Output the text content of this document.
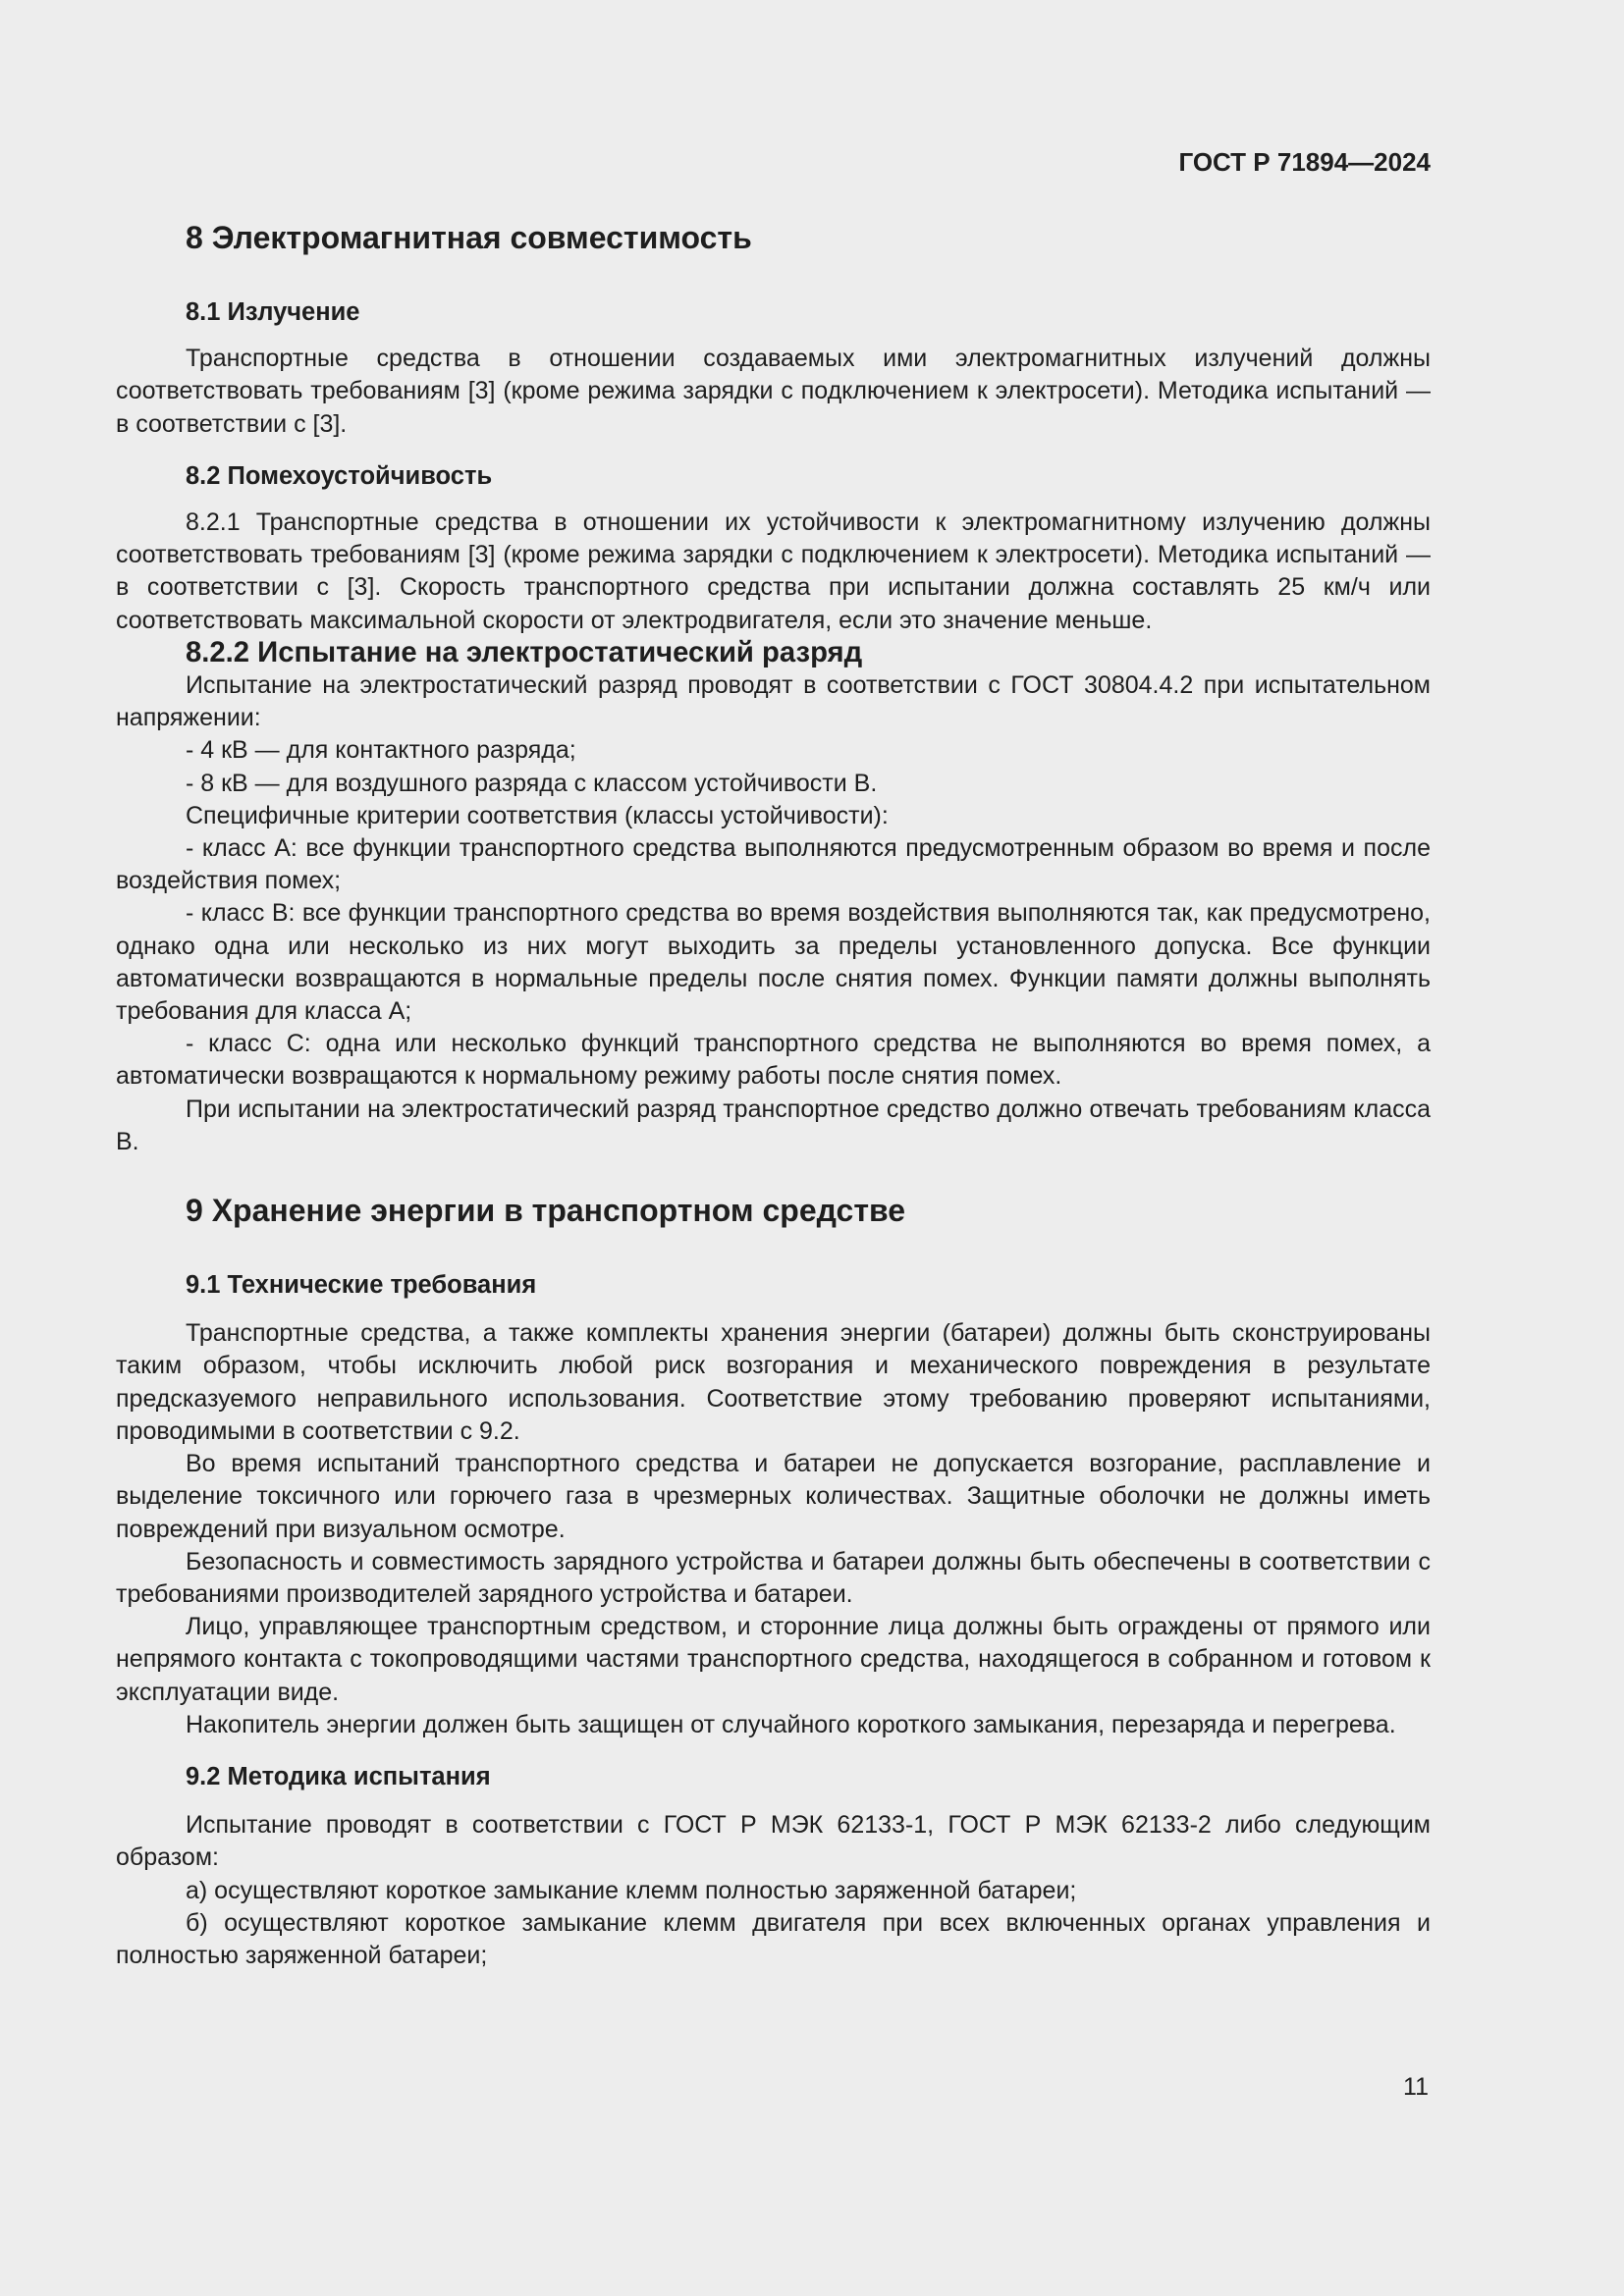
ГОСТ Р 71894—2024
8 Электромагнитная совместимость
8.1 Излучение

Транспортные средства в отношении создаваемых ими электромагнитных излучений должны соответствовать требованиям [3] (кроме режима зарядки с подключением к электросети). Методика испытаний — в соответствии с [3].

8.2 Помехоустойчивость

8.2.1 Транспортные средства в отношении их устойчивости к электромагнитному излучению должны соответствовать требованиям [3] (кроме режима зарядки с подключением к электросети). Методика испытаний — в соответствии с [3]. Скорость транспортного средства при испытании должна составлять 25 км/ч или соответствовать максимальной скорости от электродвигателя, если это значение меньше.

8.2.2 Испытание на электростатический разряд

Испытание на электростатический разряд проводят в соответствии с ГОСТ 30804.4.2 при испытательном напряжении:

- 4 кВ — для контактного разряда;

- 8 кВ — для воздушного разряда с классом устойчивости В.

Специфичные критерии соответствия (классы устойчивости):

- класс А: все функции транспортного средства выполняются предусмотренным образом во время и после воздействия помех;

- класс В: все функции транспортного средства во время воздействия выполняются так, как предусмотрено, однако одна или несколько из них могут выходить за пределы установленного допуска. Все функции автоматически возвращаются в нормальные пределы после снятия помех. Функции памяти должны выполнять требования для класса А;

- класс С: одна или несколько функций транспортного средства не выполняются во время помех, а автоматически возвращаются к нормальному режиму работы после снятия помех.

При испытании на электростатический разряд транспортное средство должно отвечать требованиям класса В.

9 Хранение энергии в транспортном средстве
9.1 Технические требования

Транспортные средства, а также комплекты хранения энергии (батареи) должны быть сконструированы таким образом, чтобы исключить любой риск возгорания и механического повреждения в результате предсказуемого неправильного использования. Соответствие этому требованию проверяют испытаниями, проводимыми в соответствии с 9.2.

Во время испытаний транспортного средства и батареи не допускается возгорание, расплавление и выделение токсичного или горючего газа в чрезмерных количествах. Защитные оболочки не должны иметь повреждений при визуальном осмотре.

Безопасность и совместимость зарядного устройства и батареи должны быть обеспечены в соответствии с требованиями производителей зарядного устройства и батареи.

Лицо, управляющее транспортным средством, и сторонние лица должны быть ограждены от прямого или непрямого контакта с токопроводящими частями транспортного средства, находящегося в собранном и готовом к эксплуатации виде.

Накопитель энергии должен быть защищен от случайного короткого замыкания, перезаряда и перегрева.

9.2 Методика испытания

Испытание проводят в соответствии с ГОСТ Р МЭК 62133-1, ГОСТ Р МЭК 62133-2 либо следующим образом:

а) осуществляют короткое замыкание клемм полностью заряженной батареи;

б) осуществляют короткое замыкание клемм двигателя при всех включенных органах управления и полностью заряженной батареи;

11
